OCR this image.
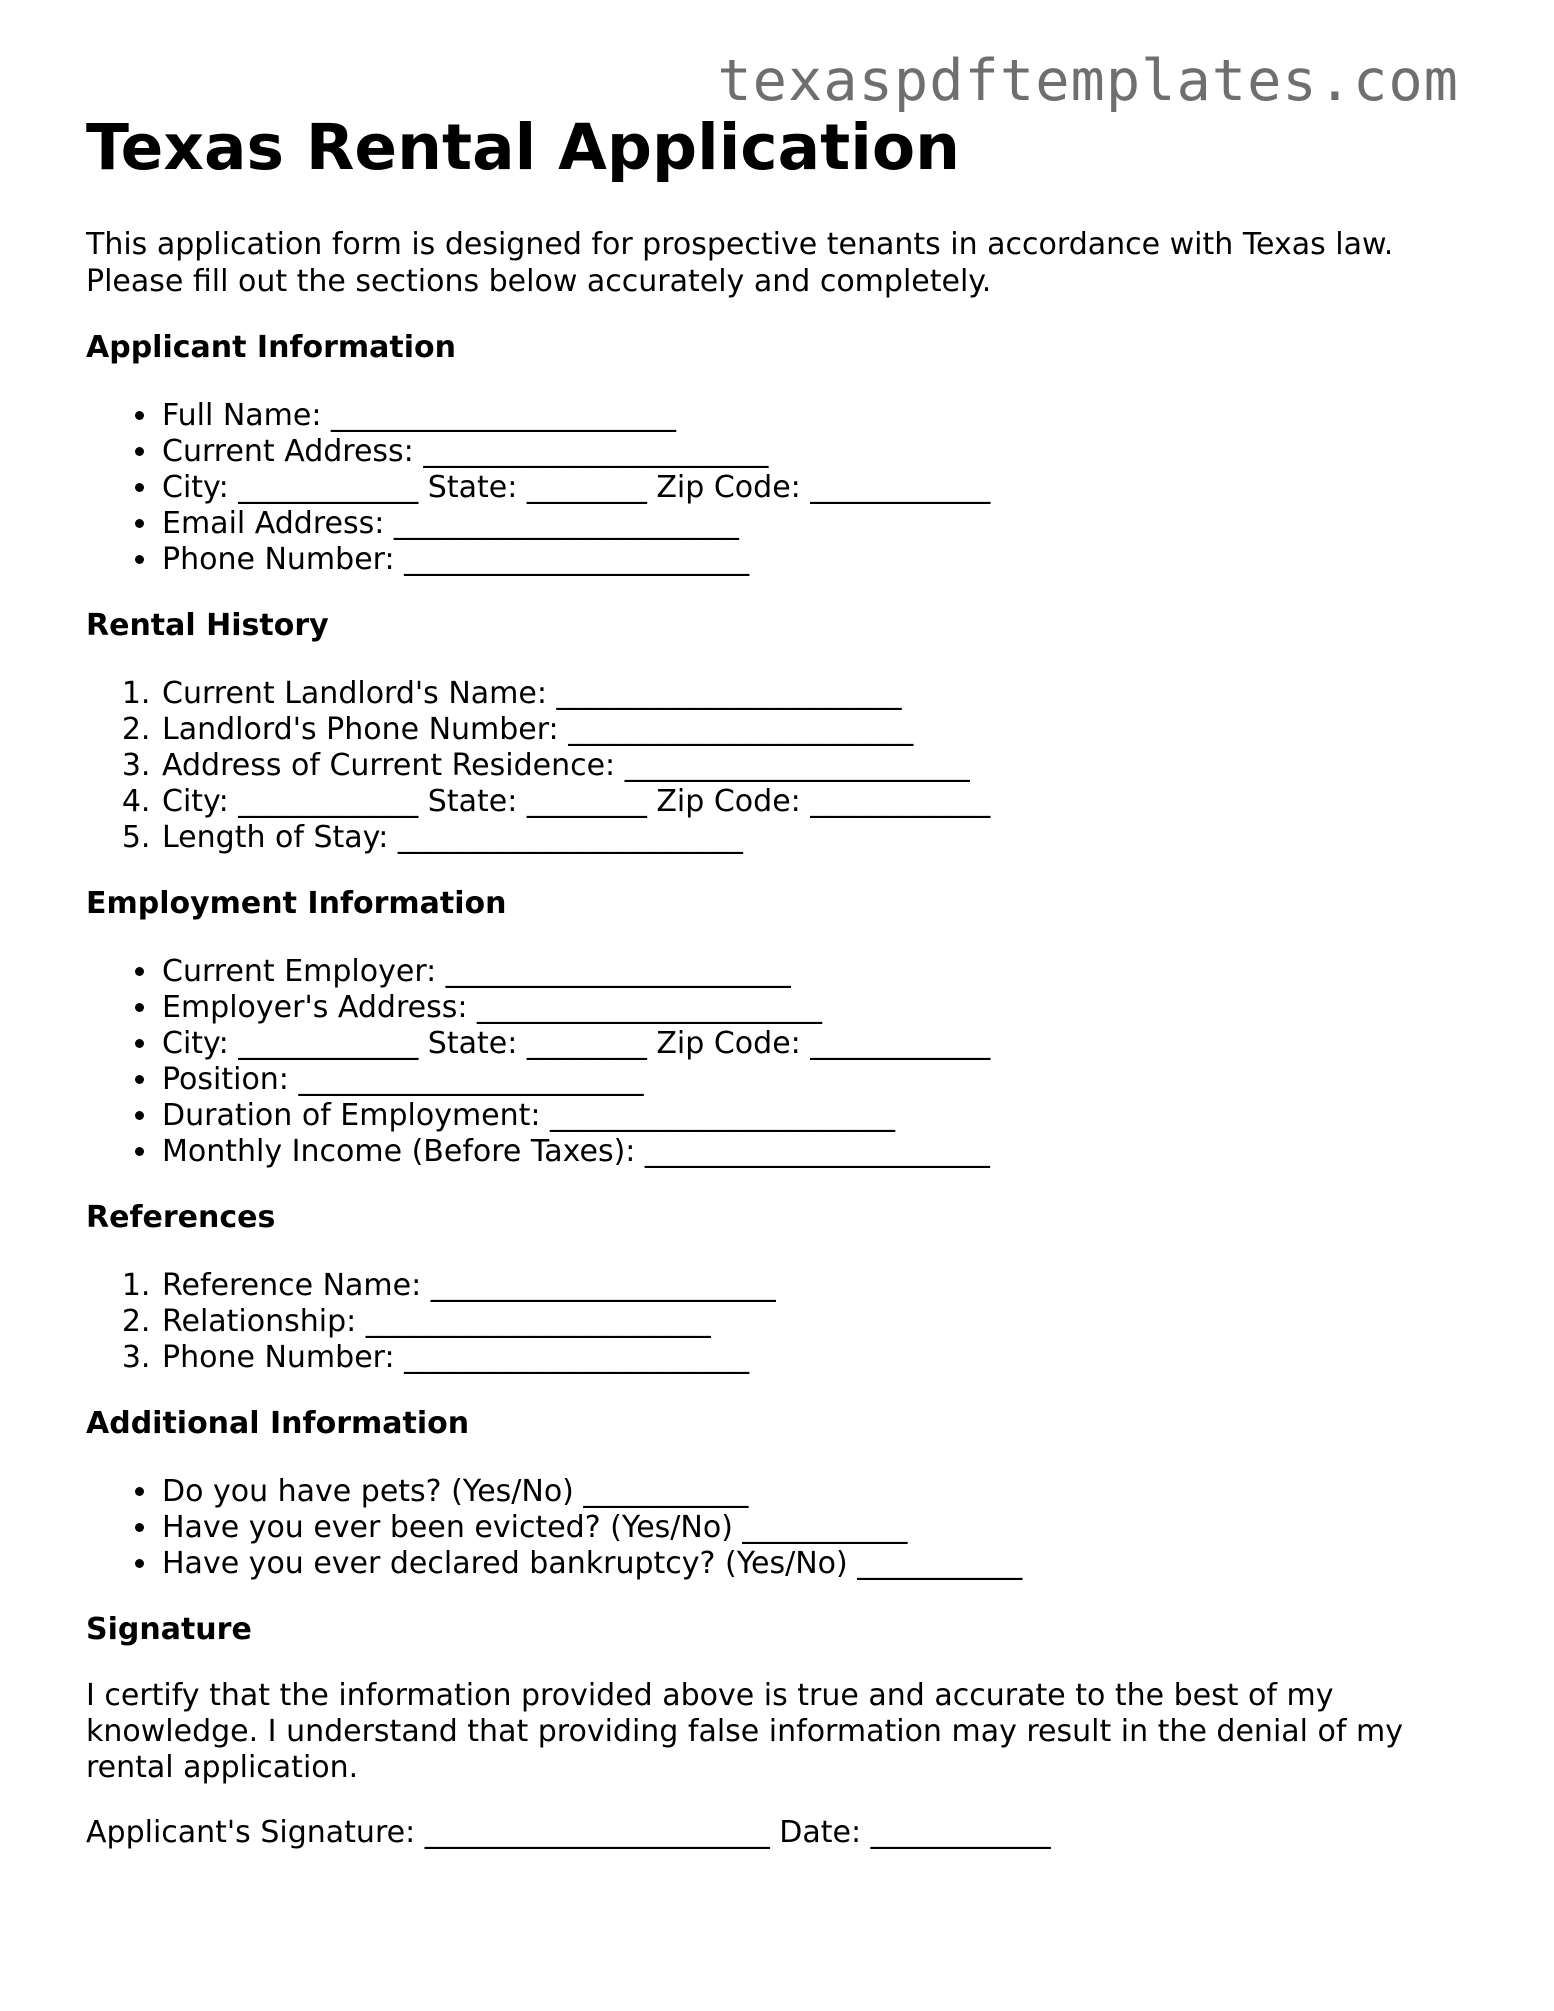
texaspdftemplates.com
Texas Rental Application

This application form is designed for prospective tenants in accordance with Texas law. Please fill out the sections below accurately and completely.

Applicant Information
• Full Name: _______________________
• Current Address: _______________________
• City: ____________ State: ________ Zip Code: ____________
• Email Address: _______________________
• Phone Number: _______________________
Rental History
1. Current Landlord's Name: _______________________
2. Landlord's Phone Number: _______________________
3. Address of Current Residence: _______________________
4. City: ____________ State: ________ Zip Code: ____________
5. Length of Stay: _______________________
Employment Information
• Current Employer: _______________________
• Employer's Address: _______________________
• City: ____________ State: ________ Zip Code: ____________
• Position: _______________________
• Duration of Employment: _______________________
• Monthly Income (Before Taxes): _______________________
References
1. Reference Name: _______________________
2. Relationship: _______________________
3. Phone Number: _______________________
Additional Information
• Do you have pets? (Yes/No) ___________
• Have you ever been evicted? (Yes/No) ___________
• Have you ever declared bankruptcy? (Yes/No) ___________
Signature

I certify that the information provided above is true and accurate to the best of my knowledge. I understand that providing false information may result in the denial of my rental application.

Applicant's Signature: _______________________ Date: ____________
